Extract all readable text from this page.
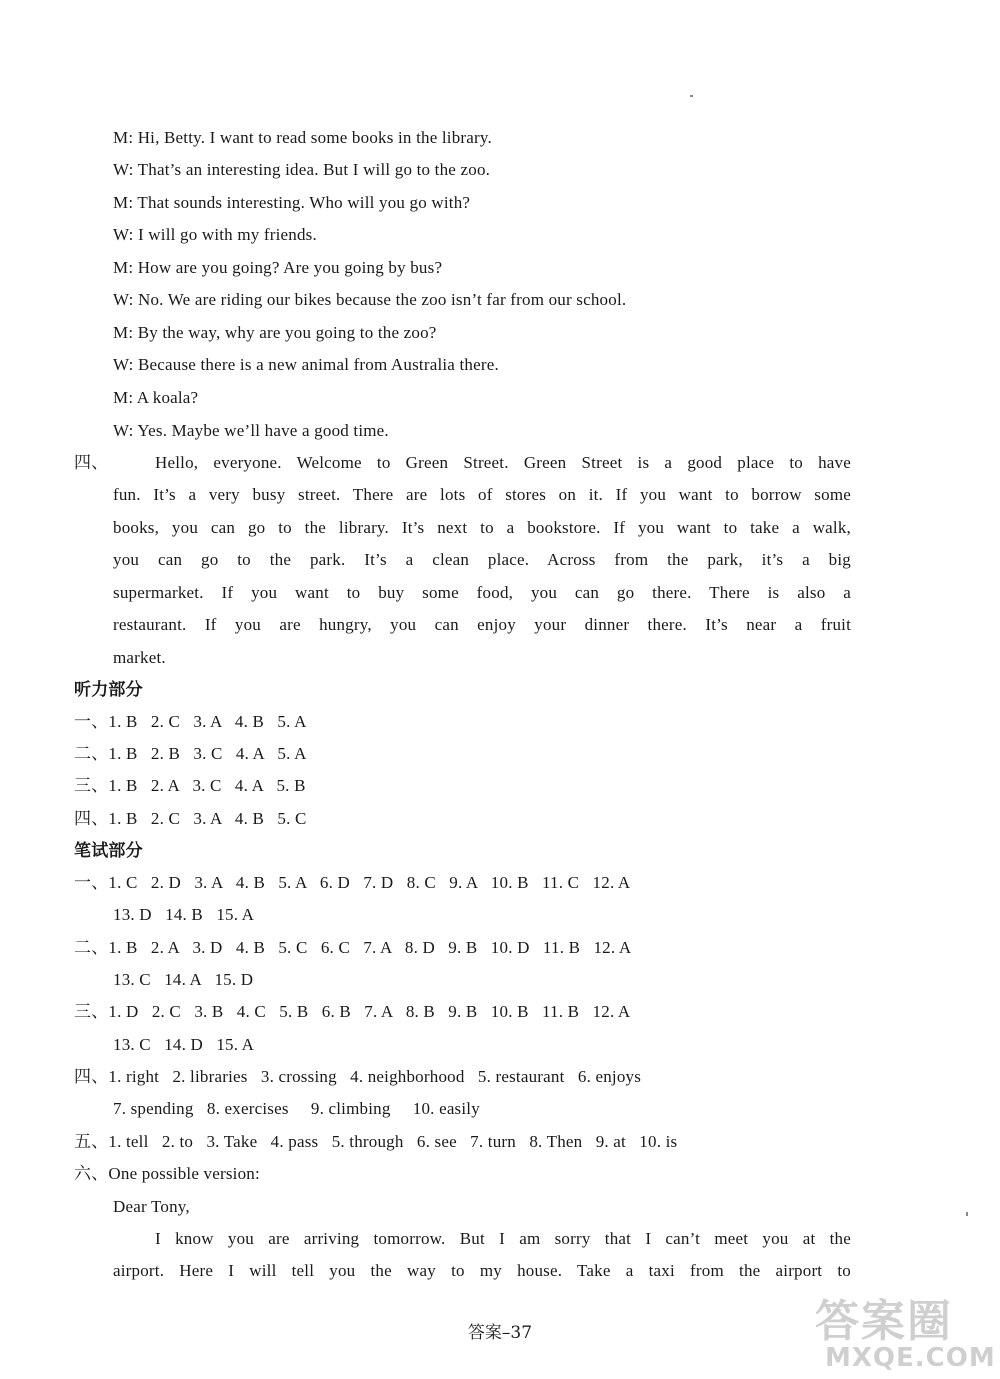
M: Hi, Betty. I want to read some books in the library.
W: That’s an interesting idea. But I will go to the zoo.
M: That sounds interesting. Who will you go with?
W: I will go with my friends.
M: How are you going? Are you going by bus?
W: No. We are riding our bikes because the zoo isn’t far from our school.
M: By the way, why are you going to the zoo?
W: Because there is a new animal from Australia there.
M: A koala?
W: Yes. Maybe we’ll have a good time.
四、	Hello, everyone. Welcome to Green Street. Green Street is a good place to have
fun. It’s a very busy street. There are lots of stores on it. If you want to borrow some
books, you can go to the library. It’s next to a bookstore. If you want to take a walk,
you can go to the park. It’s a clean place. Across from the park, it’s a big
supermarket. If you want to buy some food, you can go there. There is also a
restaurant. If you are hungry, you can enjoy your dinner there. It’s near a fruit
market.
听力部分
一、1. B   2. C   3. A   4. B   5. A
二、1. B   2. B   3. C   4. A   5. A
三、1. B   2. A   3. C   4. A   5. B
四、1. B   2. C   3. A   4. B   5. C
笔试部分
一、1. C   2. D   3. A   4. B   5. A   6. D   7. D   8. C   9. A   10. B   11. C   12. A
13. D   14. B   15. A
二、1. B   2. A   3. D   4. B   5. C   6. C   7. A   8. D   9. B   10. D   11. B   12. A
13. C   14. A   15. D
三、1. D   2. C   3. B   4. C   5. B   6. B   7. A   8. B   9. B   10. B   11. B   12. A
13. C   14. D   15. A
四、1. right   2. libraries   3. crossing   4. neighborhood   5. restaurant   6. enjoys
7. spending   8. exercises     9. climbing     10. easily
五、1. tell   2. to   3. Take   4. pass   5. through   6. see   7. turn   8. Then   9. at   10. is
六、One possible version:
Dear Tony,
I know you are arriving tomorrow. But I am sorry that I can’t meet you at the
airport. Here I will tell you the way to my house. Take a taxi from the airport to
答案–37	答案圈
MXQE.COM
